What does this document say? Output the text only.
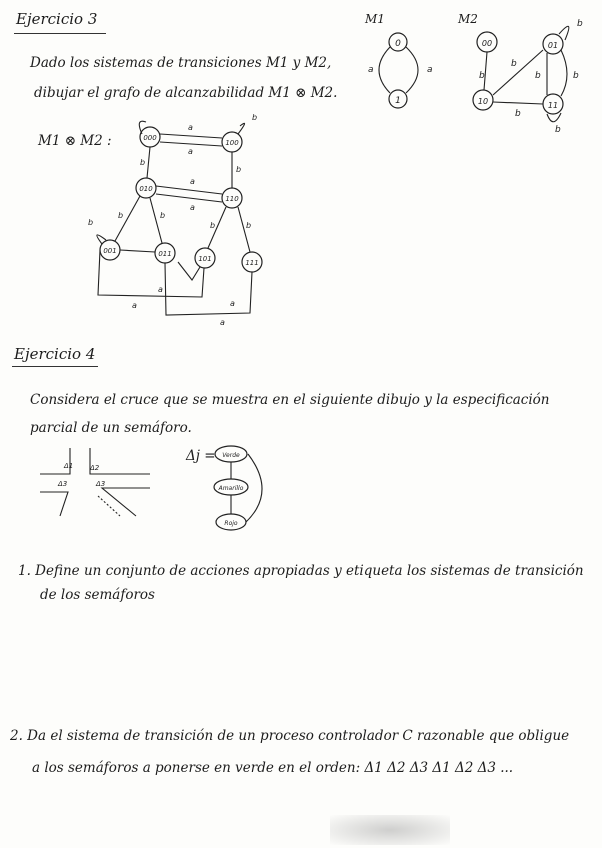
Ejercicio 3
Dado los sistemas de transiciones M1 y M2,
dibujar el grafo de alcanzabilidad M1 ⊗ M2.
M1
0
1
a
a
M2
00	01
10	11
b
b
b
b	b
b
b
M1 ⊗ M2 :	000
100
010
110
001	011
101	111
a
a
a
a
b
b
b	b
b	b
b
b
a
a
a
a
Ejercicio 4
Considera el cruce que se muestra en el siguiente dibujo y la especificación
parcial de un semáforo.
Δ1 Δ2
Δ3
Δ3
Δj = Verde
Amarillo
Rojo
1. Define un conjunto de acciones apropiadas y etiqueta los sistemas de transición
de los semáforos
2. Da el sistema de transición de un proceso controlador C razonable que obligue
a los semáforos a ponerse en verde en el orden: Δ1 Δ2 Δ3 Δ1 Δ2 Δ3 ...
